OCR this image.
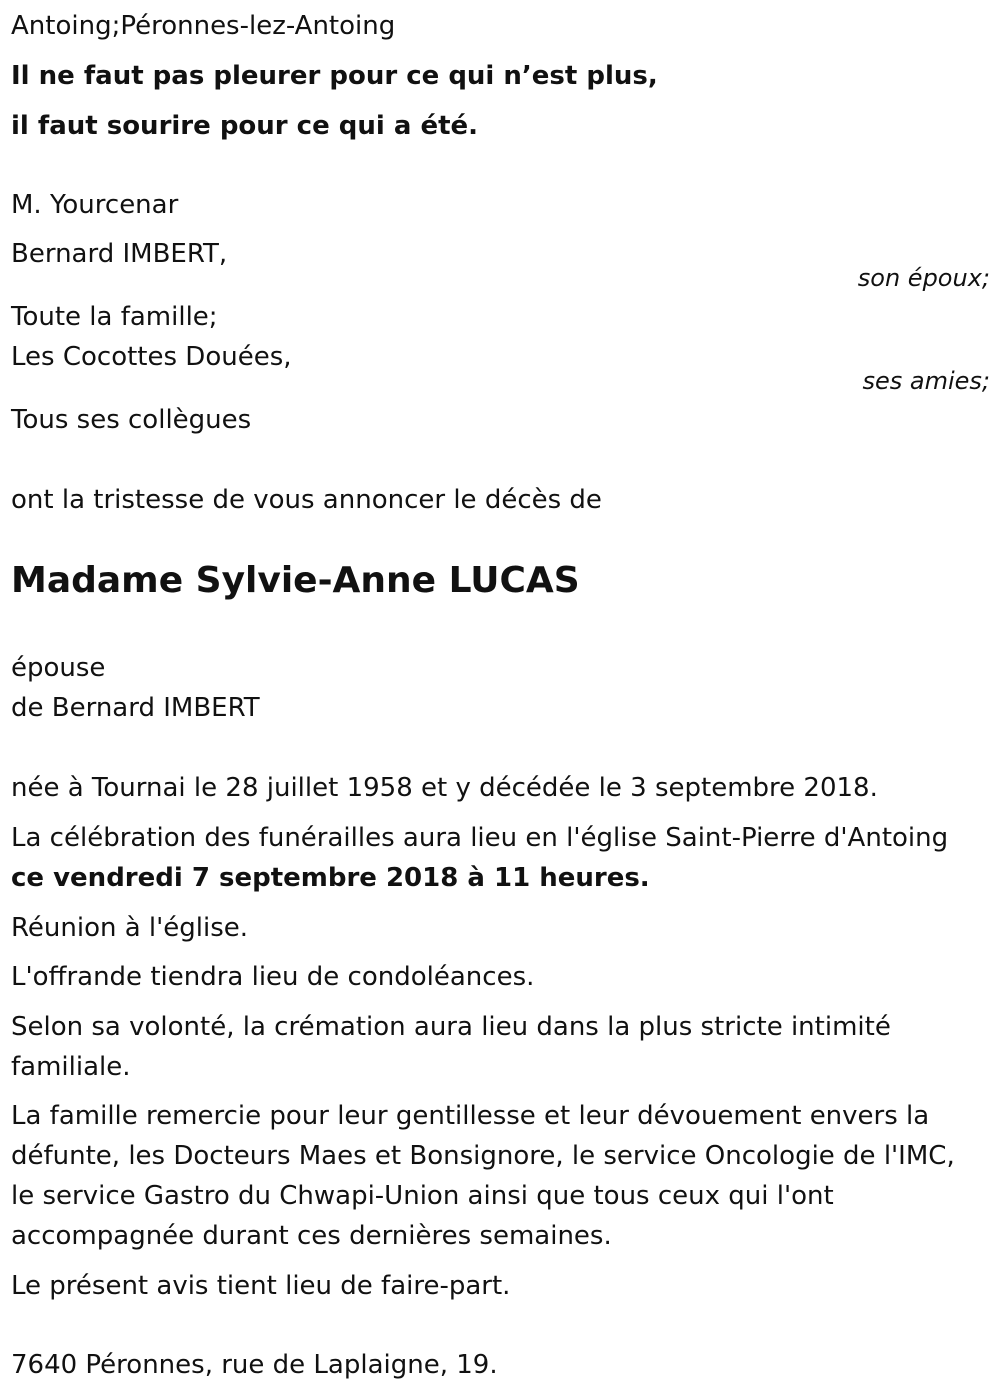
Antoing;Péronnes-lez-Antoing
Il ne faut pas pleurer pour ce qui n’est plus,
il faut sourire pour ce qui a été.
M. Yourcenar
Bernard IMBERT,
son époux;
Toute la famille;
Les Cocottes Douées,
ses amies;
Tous ses collègues
ont la tristesse de vous annoncer le décès de
Madame Sylvie-Anne LUCAS
épouse
de Bernard IMBERT
née à Tournai le 28 juillet 1958 et y décédée le 3 septembre 2018.
La célébration des funérailles aura lieu en l'église Saint-Pierre d'Antoing
ce vendredi 7 septembre 2018 à 11 heures.
Réunion à l'église.
L'offrande tiendra lieu de condoléances.
Selon sa volonté, la crémation aura lieu dans la plus stricte intimité
familiale.
La famille remercie pour leur gentillesse et leur dévouement envers la
défunte, les Docteurs Maes et Bonsignore, le service Oncologie de l'IMC,
le service Gastro du Chwapi-Union ainsi que tous ceux qui l'ont
accompagnée durant ces dernières semaines.
Le présent avis tient lieu de faire-part.
7640 Péronnes, rue de Laplaigne, 19.
